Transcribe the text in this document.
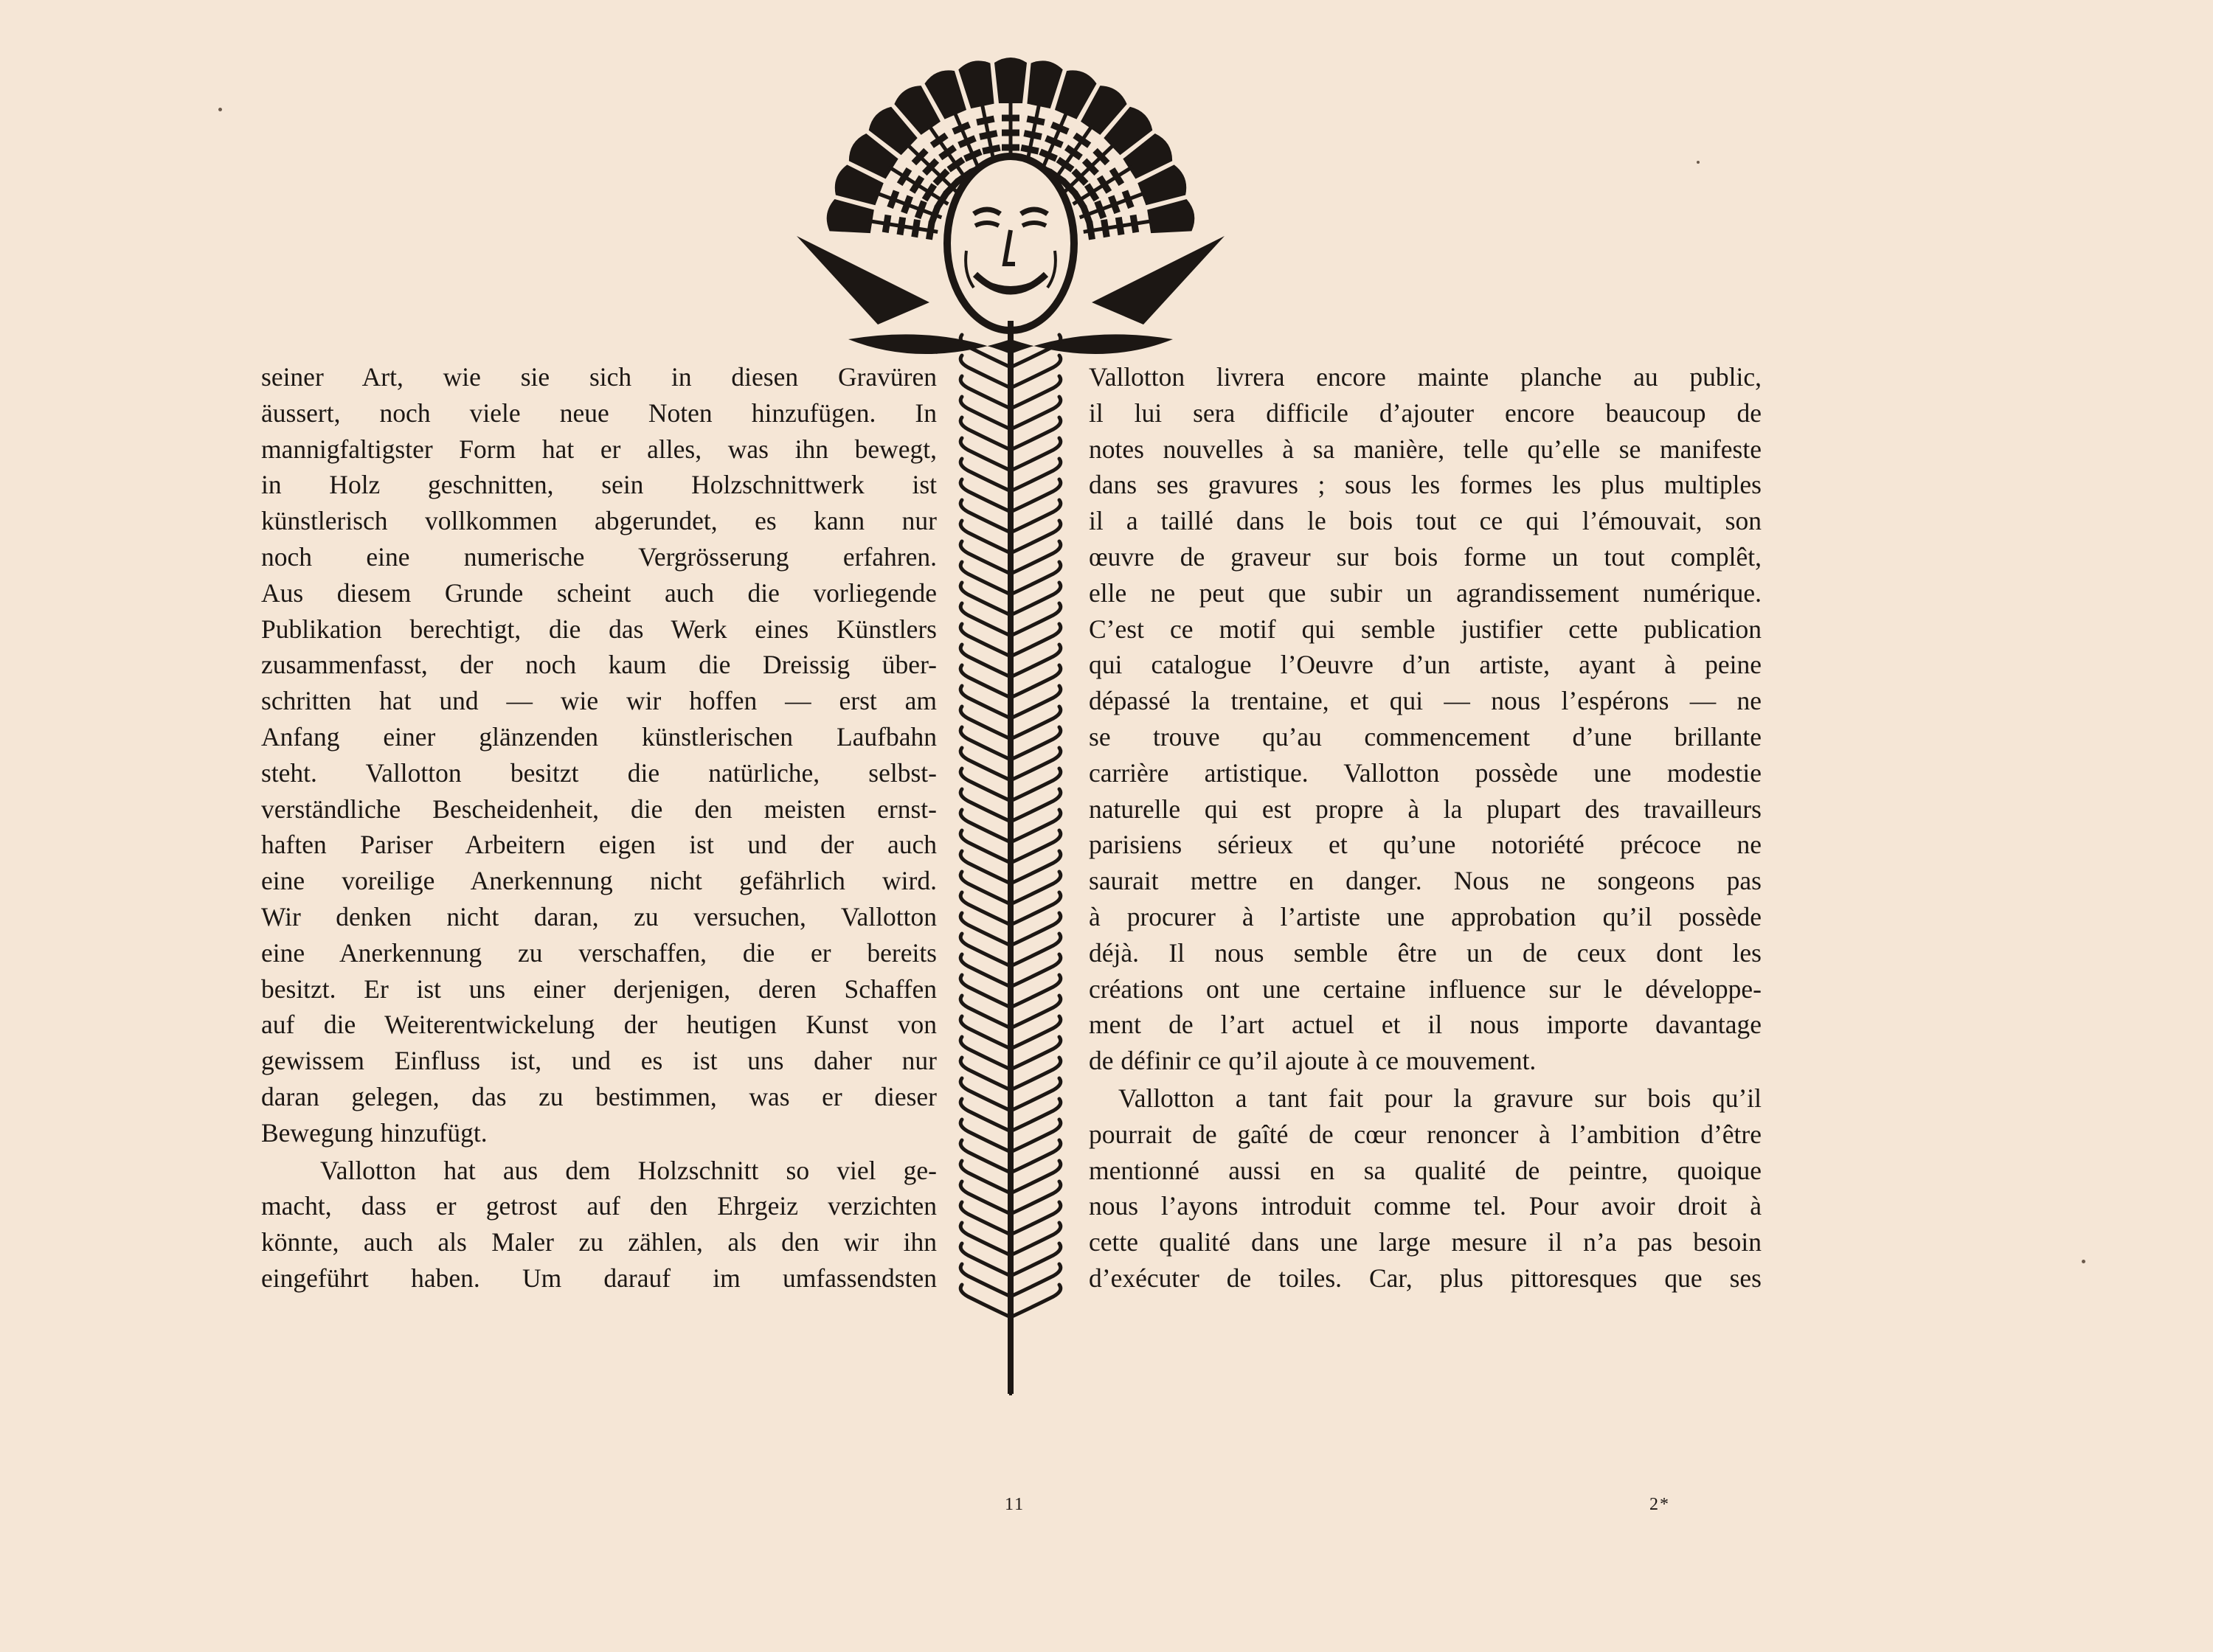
seiner Art, wie sie sich in diesen Gravüren
äussert, noch viele neue Noten hinzufügen. In
mannigfaltigster Form hat er alles, was ihn bewegt,
in Holz geschnitten, sein Holzschnittwerk ist
künstlerisch vollkommen abgerundet, es kann nur
noch eine numerische Vergrösserung erfahren.
Aus diesem Grunde scheint auch die vorliegende
Publikation berechtigt, die das Werk eines Künstlers
zusammenfasst, der noch kaum die Dreissig über-
schritten hat und — wie wir hoffen — erst am
Anfang einer glänzenden künstlerischen Laufbahn
steht. Vallotton besitzt die natürliche, selbst-
verständliche Bescheidenheit, die den meisten ernst-
haften Pariser Arbeitern eigen ist und der auch
eine voreilige Anerkennung nicht gefährlich wird.
Wir denken nicht daran, zu versuchen, Vallotton
eine Anerkennung zu verschaffen, die er bereits
besitzt. Er ist uns einer derjenigen, deren Schaffen
auf die Weiterentwickelung der heutigen Kunst von
gewissem Einfluss ist, und es ist uns daher nur
daran gelegen, das zu bestimmen, was er dieser
Bewegung hinzufügt.

Vallotton hat aus dem Holzschnitt so viel ge-
macht, dass er getrost auf den Ehrgeiz verzichten
könnte, auch als Maler zu zählen, als den wir ihn
eingeführt haben. Um darauf im umfassendsten

Vallotton livrera encore mainte planche au public,
il lui sera difficile d’ajouter encore beaucoup de
notes nouvelles à sa manière, telle qu’elle se manifeste
dans ses gravures ; sous les formes les plus multiples
il a taillé dans le bois tout ce qui l’émouvait, son
œuvre de graveur sur bois forme un tout complêt,
elle ne peut que subir un agrandissement numérique.
C’est ce motif qui semble justifier cette publication
qui catalogue l’Oeuvre d’un artiste, ayant à peine
dépassé la trentaine, et qui — nous l’espérons — ne
se trouve qu’au commencement d’une brillante
carrière artistique. Vallotton possède une modestie
naturelle qui est propre à la plupart des travailleurs
parisiens sérieux et qu’une notoriété précoce ne
saurait mettre en danger. Nous ne songeons pas
à procurer à l’artiste une approbation qu’il possède
déjà. Il nous semble être un de ceux dont les
créations ont une certaine influence sur le développe-
ment de l’art actuel et il nous importe davantage
de définir ce qu’il ajoute à ce mouvement.

Vallotton a tant fait pour la gravure sur bois qu’il
pourrait de gaîté de cœur renoncer à l’ambition d’être
mentionné aussi en sa qualité de peintre, quoique
nous l’ayons introduit comme tel. Pour avoir droit à
cette qualité dans une large mesure il n’a pas besoin
d’exécuter de toiles. Car, plus pittoresques que ses

11	2*
